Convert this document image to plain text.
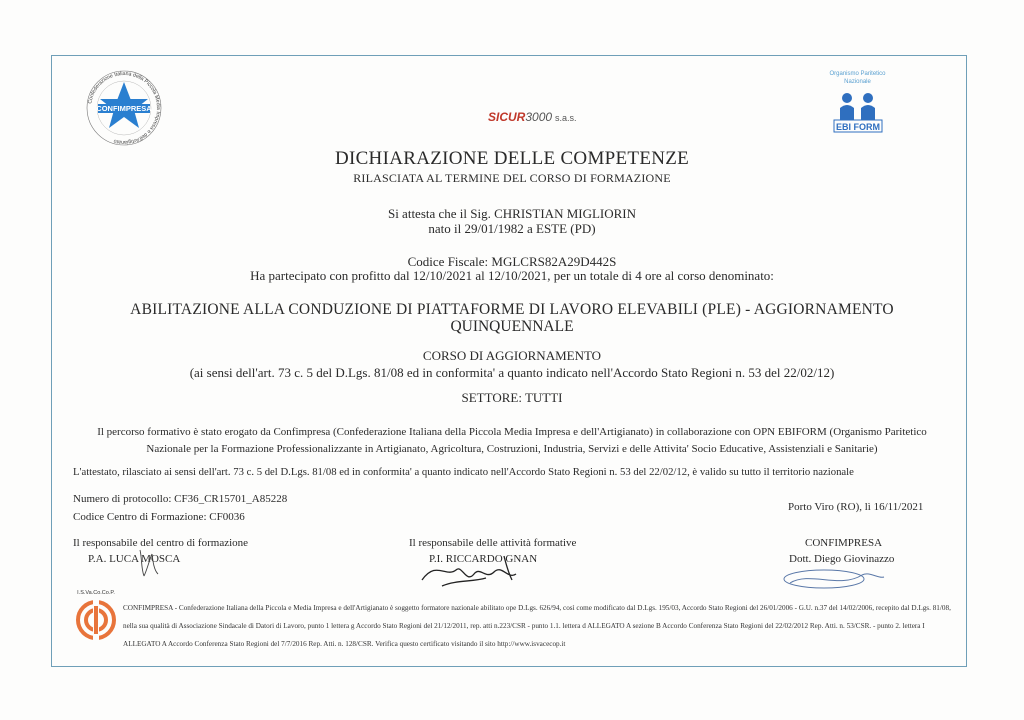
Confederazione Italiana della Piccola Media Impresa e dell'Artigianato
CONFIMPRESA
SICUR3000 s.a.s.
Organismo Paritetico Nazionale
EBI FORM
DICHIARAZIONE DELLE COMPETENZE
RILASCIATA AL TERMINE DEL CORSO DI FORMAZIONE
Si attesta che il Sig. CHRISTIAN MIGLIORIN
nato il 29/01/1982 a ESTE (PD)
Codice Fiscale: MGLCRS82A29D442S
Ha partecipato con profitto dal 12/10/2021 al 12/10/2021, per un totale di 4 ore al corso denominato:
ABILITAZIONE ALLA CONDUZIONE DI PIATTAFORME DI LAVORO ELEVABILI (PLE) - AGGIORNAMENTO
QUINQUENNALE
CORSO DI AGGIORNAMENTO
(ai sensi dell'art. 73 c. 5 del D.Lgs. 81/08 ed in conformita' a quanto indicato nell'Accordo Stato Regioni n. 53 del 22/02/12)
SETTORE: TUTTI
Il percorso formativo è stato erogato da Confimpresa (Confederazione Italiana della Piccola Media Impresa e dell'Artigianato) in collaborazione con OPN EBIFORM (Organismo Paritetico
Nazionale per la Formazione Professionalizzante in Artigianato, Agricoltura, Costruzioni, Industria, Servizi e delle Attivita' Socio Educative, Assistenziali e Sanitarie)
L'attestato, rilasciato ai sensi dell'art. 73 c. 5 del D.Lgs. 81/08 ed in conformita' a quanto indicato nell'Accordo Stato Regioni n. 53 del 22/02/12, è valido su tutto il territorio nazionale
Numero di protocollo: CF36_CR15701_A85228
Codice Centro di Formazione: CF0036
Porto Viro (RO), lì 16/11/2021
Il responsabile del centro di formazione
P.A. LUCA MOSCA
Il responsabile delle attività formative
P.I. RICCARDO GNAN
CONFIMPRESA
Dott. Diego Giovinazzo
I.S.Va.Co.Co.P.
CONFIMPRESA - Confederazione Italiana della Piccola e Media Impresa e dell'Artigianato è soggetto formatore nazionale abilitato ope D.Lgs. 626/94, così come modificato dal D.Lgs. 195/03, Accordo Stato Regioni del 26/01/2006 - G.U. n.37 del 14/02/2006, recepito dal D.Lgs. 81/08, nella sua qualità di Associazione Sindacale di Datori di Lavoro, punto 1 lettera g Accordo Stato Regioni del 21/12/2011, rep. atti n.223/CSR - punto 1.1. lettera d ALLEGATO A sezione B Accordo Conferenza Stato Regioni del 22/02/2012 Rep. Atti. n. 53/CSR. - punto 2. lettera I ALLEGATO A Accordo Conferenza Stato Regioni del 7/7/2016 Rep. Atti. n. 128/CSR. Verifica questo certificato visitando il sito http://www.isvacecop.it
